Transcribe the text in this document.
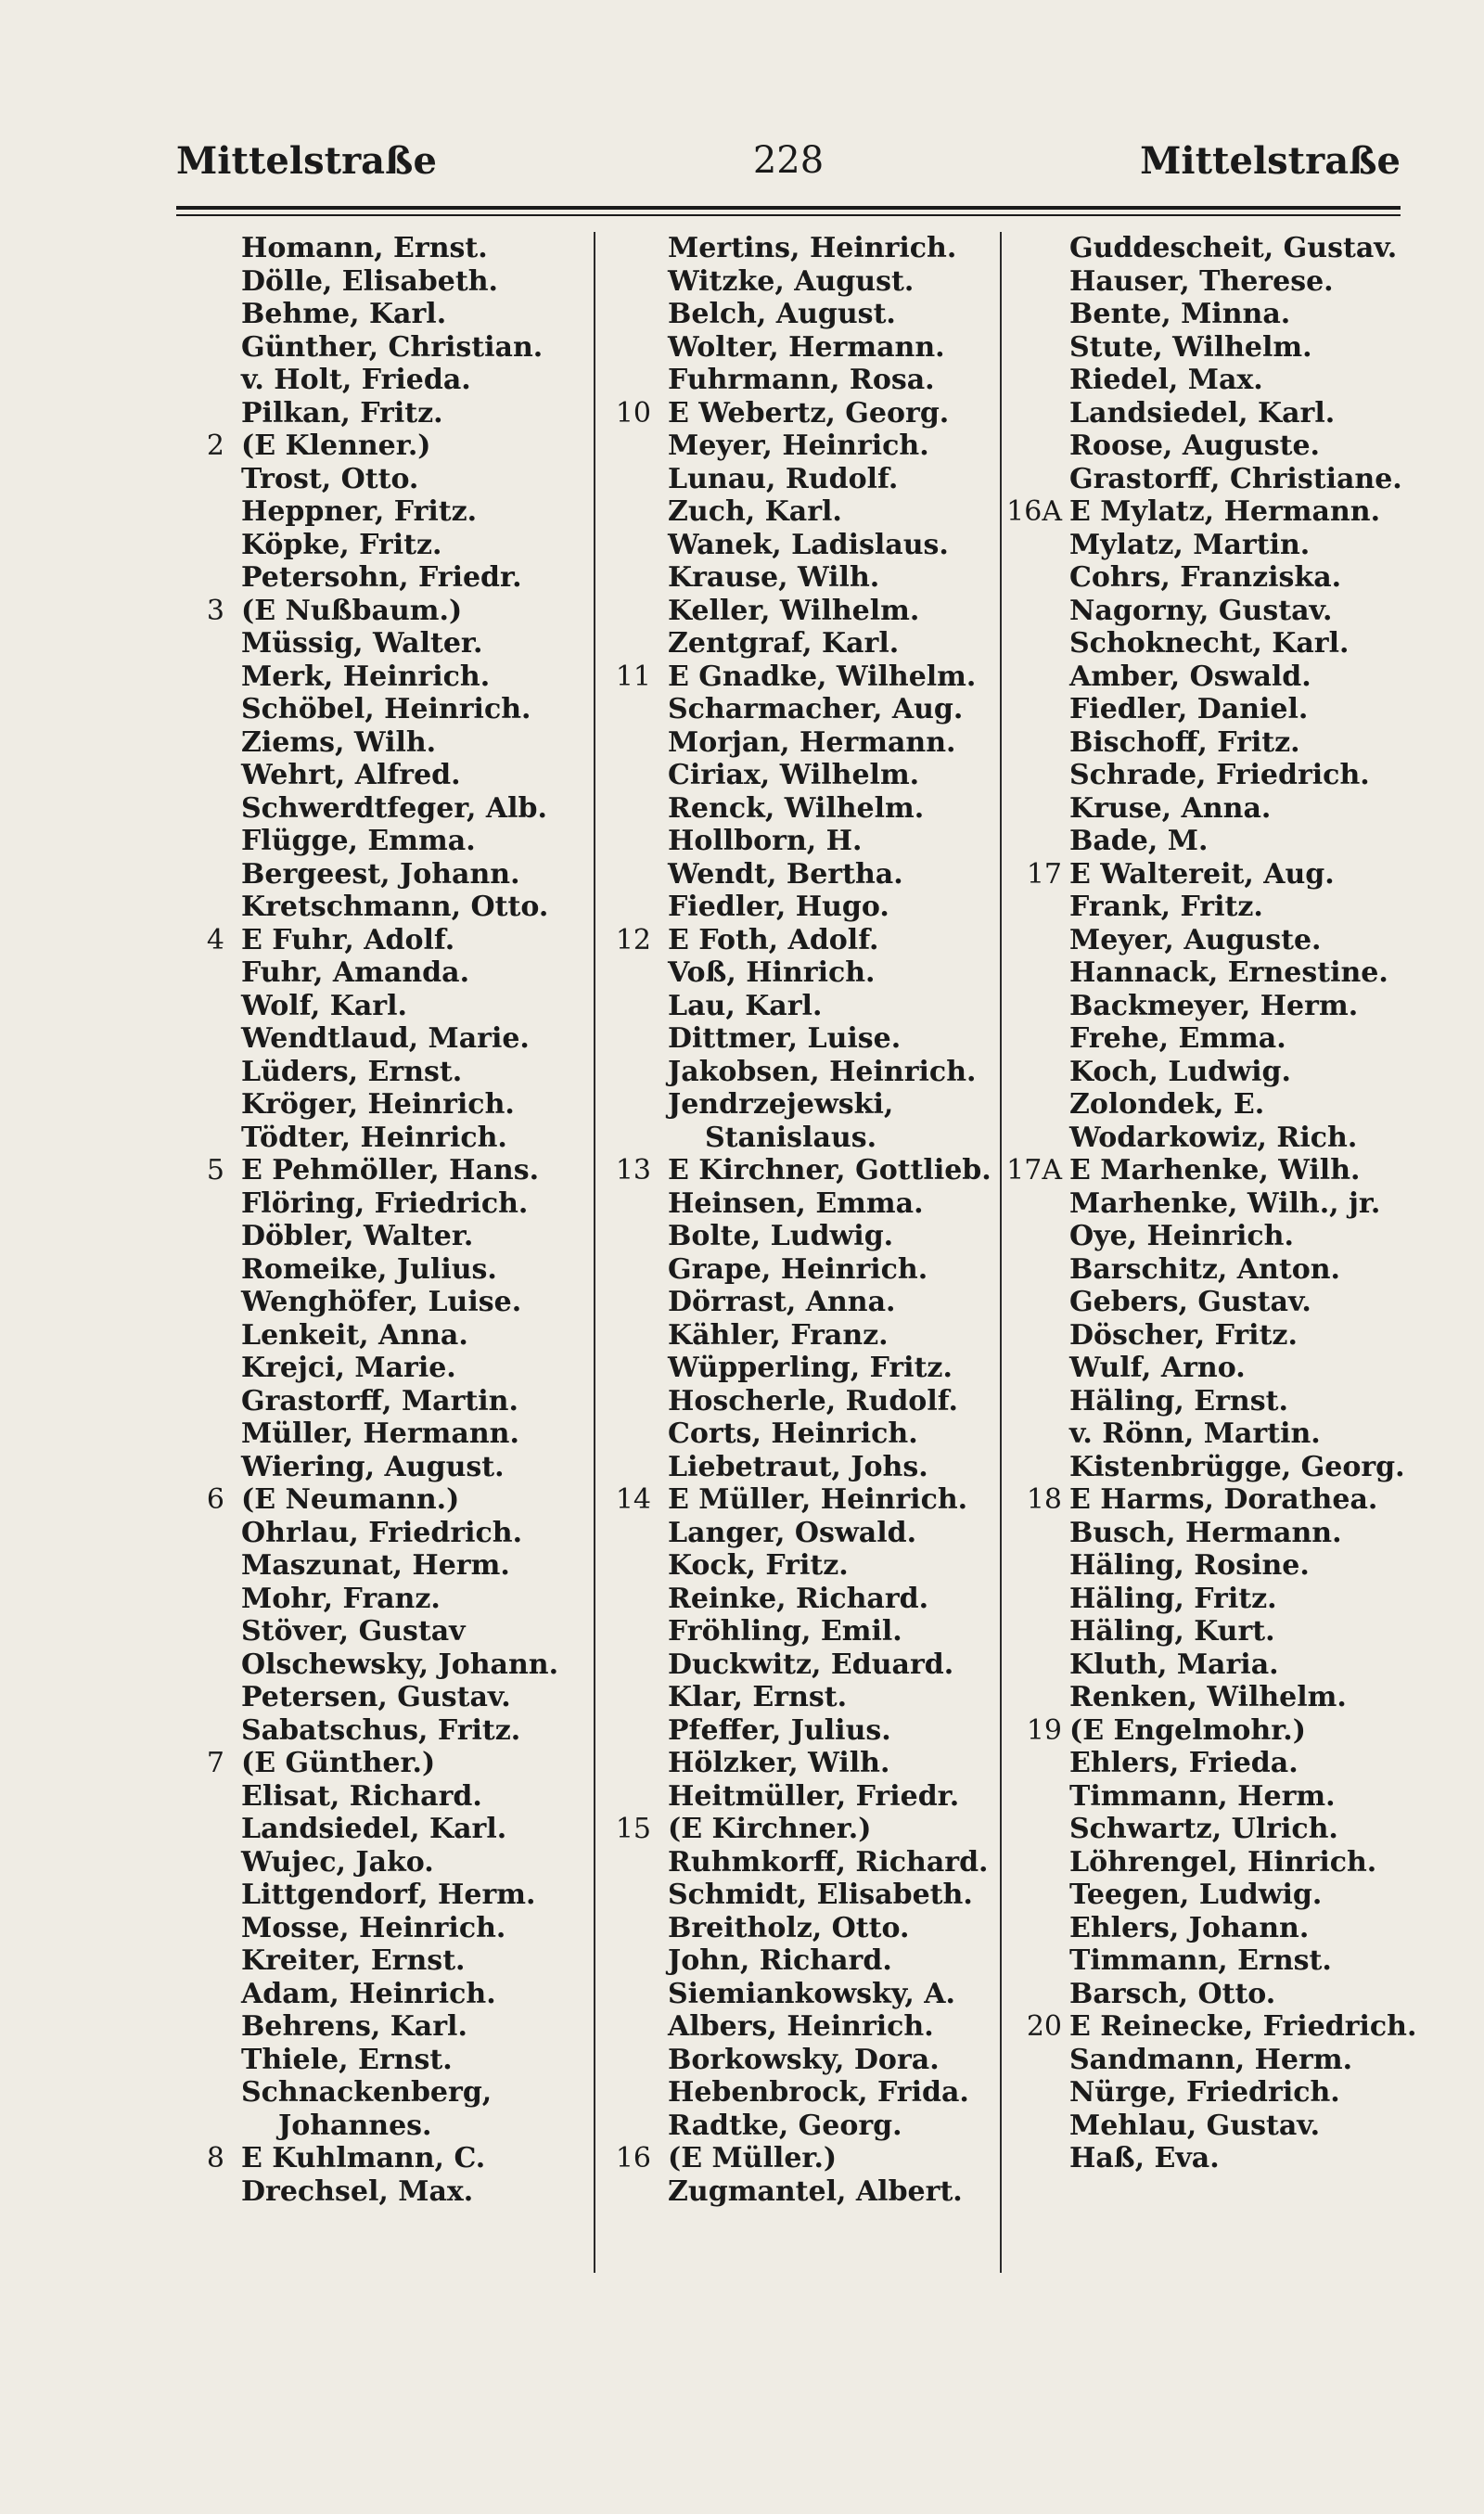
Mittelstraße	228	Mittelstraße
Homann, Ernst.
Dölle, Elisabeth.
Behme, Karl.
Günther, Christian.
v. Holt, Frieda.
Pilkan, Fritz.
2 (E Klenner.)
Trost, Otto.
Heppner, Fritz.
Köpke, Fritz.
Petersohn, Friedr.
3 (E Nußbaum.)
Müssig, Walter.
Merk, Heinrich.
Schöbel, Heinrich.
Ziems, Wilh.
Wehrt, Alfred.
Schwerdtfeger, Alb.
Flügge, Emma.
Bergeest, Johann.
Kretschmann, Otto.
4 E Fuhr, Adolf.
Fuhr, Amanda.
Wolf, Karl.
Wendtlaud, Marie.
Lüders, Ernst.
Kröger, Heinrich.
Tödter, Heinrich.
5 E Pehmöller, Hans.
Flöring, Friedrich.
Döbler, Walter.
Romeike, Julius.
Wenghöfer, Luise.
Lenkeit, Anna.
Krejci, Marie.
Grastorff, Martin.
Müller, Hermann.
Wiering, August.
6 (E Neumann.)
Ohrlau, Friedrich.
Maszunat, Herm.
Mohr, Franz.
Stöver, Gustav
Olschewsky, Johann.
Petersen, Gustav.
Sabatschus, Fritz.
7 (E Günther.)
Elisat, Richard.
Landsiedel, Karl.
Wujec, Jako.
Littgendorf, Herm.
Mosse, Heinrich.
Kreiter, Ernst.
Adam, Heinrich.
Behrens, Karl.
Thiele, Ernst.
Schnackenberg,
Johannes.
8 E Kuhlmann, C.
Drechsel, Max.
Mertins, Heinrich.
Witzke, August.
Belch, August.
Wolter, Hermann.
Fuhrmann, Rosa.
10 E Webertz, Georg.
Meyer, Heinrich.
Lunau, Rudolf.
Zuch, Karl.
Wanek, Ladislaus.
Krause, Wilh.
Keller, Wilhelm.
Zentgraf, Karl.
11 E Gnadke, Wilhelm.
Scharmacher, Aug.
Morjan, Hermann.
Ciriax, Wilhelm.
Renck, Wilhelm.
Hollborn, H.
Wendt, Bertha.
Fiedler, Hugo.
12 E Foth, Adolf.
Voß, Hinrich.
Lau, Karl.
Dittmer, Luise.
Jakobsen, Heinrich.
Jendrzejewski,
Stanislaus.
13 E Kirchner, Gottlieb.
Heinsen, Emma.
Bolte, Ludwig.
Grape, Heinrich.
Dörrast, Anna.
Kähler, Franz.
Wüpperling, Fritz.
Hoscherle, Rudolf.
Corts, Heinrich.
Liebetraut, Johs.
14 E Müller, Heinrich.
Langer, Oswald.
Kock, Fritz.
Reinke, Richard.
Fröhling, Emil.
Duckwitz, Eduard.
Klar, Ernst.
Pfeffer, Julius.
Hölzker, Wilh.
Heitmüller, Friedr.
15 (E Kirchner.)
Ruhmkorff, Richard.
Schmidt, Elisabeth.
Breitholz, Otto.
John, Richard.
Siemiankowsky, A.
Albers, Heinrich.
Borkowsky, Dora.
Hebenbrock, Frida.
Radtke, Georg.
16 (E Müller.)
Zugmantel, Albert.
Guddescheit, Gustav.
Hauser, Therese.
Bente, Minna.
Stute, Wilhelm.
Riedel, Max.
Landsiedel, Karl.
Roose, Auguste.
Grastorff, Christiane.
16A E Mylatz, Hermann.
Mylatz, Martin.
Cohrs, Franziska.
Nagorny, Gustav.
Schoknecht, Karl.
Amber, Oswald.
Fiedler, Daniel.
Bischoff, Fritz.
Schrade, Friedrich.
Kruse, Anna.
Bade, M.
17 E Waltereit, Aug.
Frank, Fritz.
Meyer, Auguste.
Hannack, Ernestine.
Backmeyer, Herm.
Frehe, Emma.
Koch, Ludwig.
Zolondek, E.
Wodarkowiz, Rich.
17A E Marhenke, Wilh.
Marhenke, Wilh., jr.
Oye, Heinrich.
Barschitz, Anton.
Gebers, Gustav.
Döscher, Fritz.
Wulf, Arno.
Häling, Ernst.
v. Rönn, Martin.
Kistenbrügge, Georg.
18 E Harms, Dorathea.
Busch, Hermann.
Häling, Rosine.
Häling, Fritz.
Häling, Kurt.
Kluth, Maria.
Renken, Wilhelm.
19 (E Engelmohr.)
Ehlers, Frieda.
Timmann, Herm.
Schwartz, Ulrich.
Löhrengel, Hinrich.
Teegen, Ludwig.
Ehlers, Johann.
Timmann, Ernst.
Barsch, Otto.
20 E Reinecke, Friedrich.
Sandmann, Herm.
Nürge, Friedrich.
Mehlau, Gustav.
Haß, Eva.
